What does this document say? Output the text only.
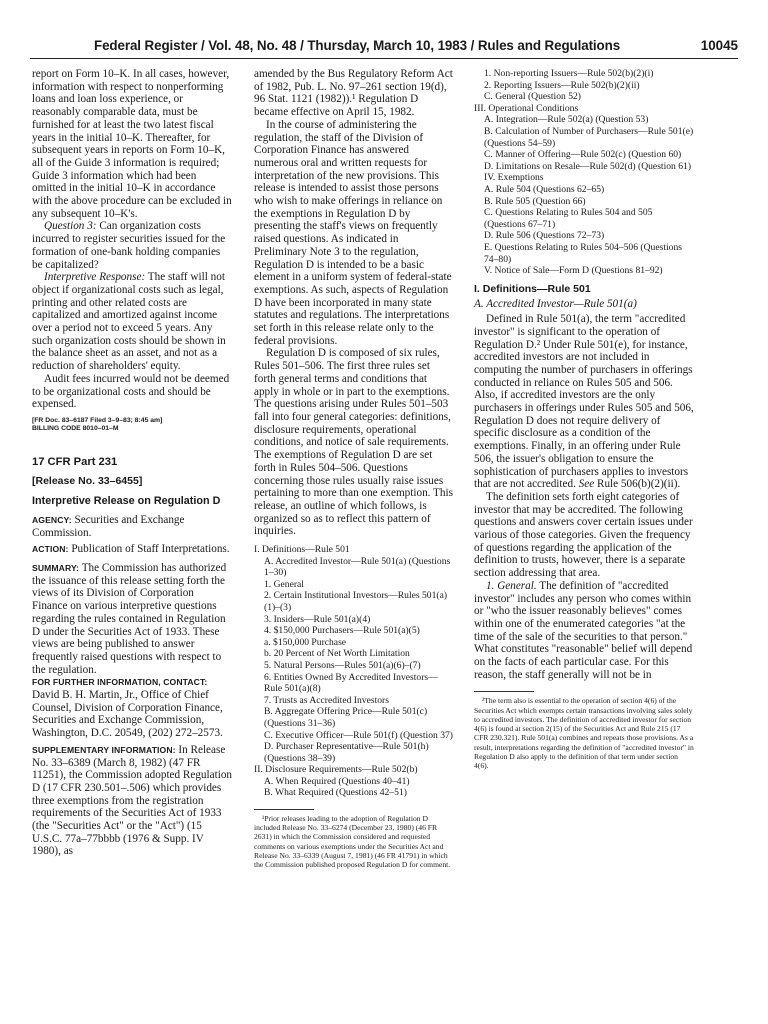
Federal Register / Vol. 48, No. 48 / Thursday, March 10, 1983 / Rules and Regulations	10045

report on Form 10–K. In all cases, however, information with respect to nonperforming loans and loan loss experience, or reasonably comparable data, must be furnished for at least the two latest fiscal years in the initial 10–K. Thereafter, for subsequent years in reports on Form 10–K, all of the Guide 3 information is required; Guide 3 information which had been omitted in the initial 10–K in accordance with the above procedure can be excluded in any subsequent 10–K's.

Question 3: Can organization costs incurred to register securities issued for the formation of one-bank holding companies be capitalized?

Interpretive Response: The staff will not object if organizational costs such as legal, printing and other related costs are capitalized and amortized against income over a period not to exceed 5 years. Any such organization costs should be shown in the balance sheet as an asset, and not as a reduction of shareholders' equity.

Audit fees incurred would not be deemed to be organizational costs and should be expensed.

[FR Doc. 83–6187 Filed 3–9–83; 8:45 am]

BILLING CODE 8010–01–M

17 CFR Part 231

[Release No. 33–6455]

Interpretive Release on Regulation D

AGENCY: Securities and Exchange Commission.

ACTION: Publication of Staff Interpretations.

SUMMARY: The Commission has authorized the issuance of this release setting forth the views of its Division of Corporation Finance on various interpretive questions regarding the rules contained in Regulation D under the Securities Act of 1933. These views are being published to answer frequently raised questions with respect to the regulation.

FOR FURTHER INFORMATION, CONTACT: David B. H. Martin, Jr., Office of Chief Counsel, Division of Corporation Finance, Securities and Exchange Commission, Washington, D.C. 20549, (202) 272–2573.

SUPPLEMENTARY INFORMATION: In Release No. 33–6389 (March 8, 1982) (47 FR 11251), the Commission adopted Regulation D (17 CFR 230.501–.506) which provides three exemptions from the registration requirements of the Securities Act of 1933 (the "Securities Act" or the "Act") (15 U.S.C. 77a–77bbbb (1976 & Supp. IV 1980), as

amended by the Bus Regulatory Reform Act of 1982, Pub. L. No. 97–261 section 19(d), 96 Stat. 1121 (1982)).¹ Regulation D became effective on April 15, 1982.

In the course of administering the regulation, the staff of the Division of Corporation Finance has answered numerous oral and written requests for interpretation of the new provisions. This release is intended to assist those persons who wish to make offerings in reliance on the exemptions in Regulation D by presenting the staff's views on frequently raised questions. As indicated in Preliminary Note 3 to the regulation, Regulation D is intended to be a basic element in a uniform system of federal-state exemptions. As such, aspects of Regulation D have been incorporated in many state statutes and regulations. The interpretations set forth in this release relate only to the federal provisions.

Regulation D is composed of six rules, Rules 501–506. The first three rules set forth general terms and conditions that apply in whole or in part to the exemptions. The questions arising under Rules 501–503 fall into four general categories: definitions, disclosure requirements, operational conditions, and notice of sale requirements. The exemptions of Regulation D are set forth in Rules 504–506. Questions concerning those rules usually raise issues pertaining to more than one exemption. This release, an outline of which follows, is organized so as to reflect this pattern of inquiries.

I. Definitions—Rule 501

A. Accredited Investor—Rule 501(a) (Questions 1–30)

1. General

2. Certain Institutional Investors—Rules 501(a)(1)–(3)

3. Insiders—Rule 501(a)(4)

4. $150,000 Purchasers—Rule 501(a)(5)

a. $150,000 Purchase

b. 20 Percent of Net Worth Limitation

5. Natural Persons—Rules 501(a)(6)–(7)

6. Entities Owned By Accredited Investors—Rule 501(a)(8)

7. Trusts as Accredited Investors

B. Aggregate Offering Price—Rule 501(c) (Questions 31–36)

C. Executive Officer—Rule 501(f) (Question 37)

D. Purchaser Representative—Rule 501(h) (Questions 38–39)

II. Disclosure Requirements—Rule 502(b)

A. When Required (Questions 40–41)

B. What Required (Questions 42–51)

¹Prior releases leading to the adoption of Regulation D included Release No. 33–6274 (December 23, 1980) (46 FR 2631) in which the Commission considered and requested comments on various exemptions under the Securities Act and Release No. 33–6339 (August 7, 1981) (46 FR 41791) in which the Commission published proposed Regulation D for comment.

1. Non-reporting Issuers—Rule 502(b)(2)(i)

2. Reporting Issuers—Rule 502(b)(2)(ii)

C. General (Question 52)

III. Operational Conditions

A. Integration—Rule 502(a) (Question 53)

B. Calculation of Number of Purchasers—Rule 501(e) (Questions 54–59)

C. Manner of Offering—Rule 502(c) (Question 60)

D. Limitations on Resale—Rule 502(d) (Question 61)

IV. Exemptions

A. Rule 504 (Questions 62–65)

B. Rule 505 (Question 66)

C. Questions Relating to Rules 504 and 505 (Questions 67–71)

D. Rule 506 (Questions 72–73)

E. Questions Relating to Rules 504–506 (Questions 74–80)

V. Notice of Sale—Form D (Questions 81–92)

I. Definitions—Rule 501

A. Accredited Investor—Rule 501(a)

Defined in Rule 501(a), the term "accredited investor" is significant to the operation of Regulation D.² Under Rule 501(e), for instance, accredited investors are not included in computing the number of purchasers in offerings conducted in reliance on Rules 505 and 506. Also, if accredited investors are the only purchasers in offerings under Rules 505 and 506, Regulation D does not require delivery of specific disclosure as a condition of the exemptions. Finally, in an offering under Rule 506, the issuer's obligation to ensure the sophistication of purchasers applies to investors that are not accredited. See Rule 506(b)(2)(ii).

The definition sets forth eight categories of investor that may be accredited. The following questions and answers cover certain issues under various of those categories. Given the frequency of questions regarding the application of the definition to trusts, however, there is a separate section addressing that area.

1. General. The definition of "accredited investor" includes any person who comes within or "who the issuer reasonably believes" comes within one of the enumerated categories "at the time of the sale of the securities to that person." What constitutes "reasonable" belief will depend on the facts of each particular case. For this reason, the staff generally will not be in

²The term also is essential to the operation of section 4(6) of the Securities Act which exempts certain transactions involving sales solely to accredited investors. The definition of accredited investor for section 4(6) is found at section 2(15) of the Securities Act and Rule 215 (17 CFR 230.321). Rule 501(a) combines and repeats those provisions. As a result, interpretations regarding the definition of "accredited investor" in Regulation D also apply to the definition of that term under section 4(6).
